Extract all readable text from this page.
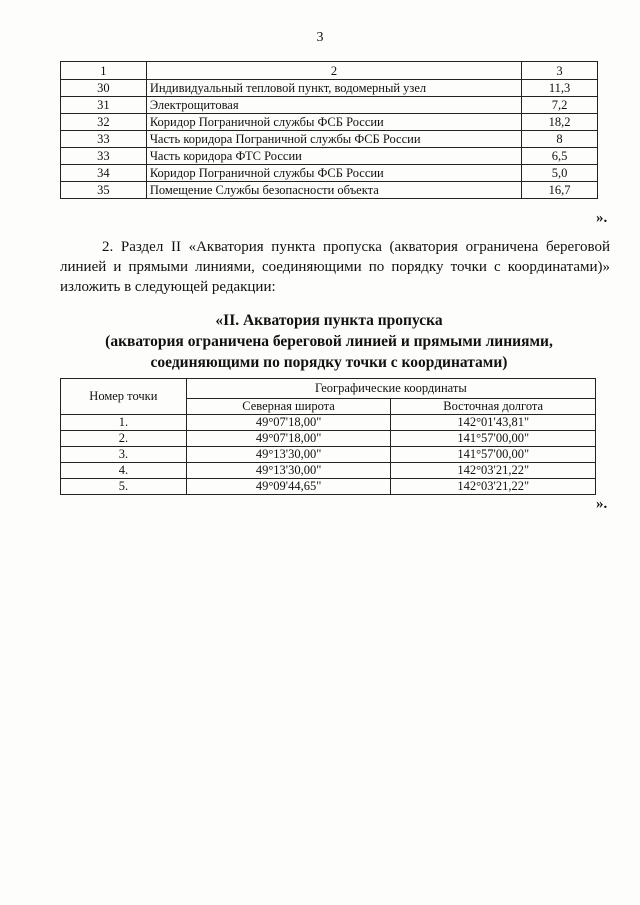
3
1	2	3
30	Индивидуальный тепловой пункт, водомерный узел	11,3
31	Электрощитовая	7,2
32	Коридор Пограничной службы ФСБ России	18,2
33	Часть коридора Пограничной службы ФСБ России	8
33	Часть коридора ФТС России	6,5
34	Коридор Пограничной службы ФСБ России	5,0
35	Помещение Службы безопасности объекта	16,7
».
2. Раздел II «Акватория пункта пропуска (акватория ограничена береговой линией и прямыми линиями, соединяющими по порядку точки с координатами)» изложить в следующей редакции:
«II. Акватория пункта пропуска
(акватория ограничена береговой линией и прямыми линиями,
соединяющими по порядку точки с координатами)
Номер точки	Географические координаты	
	Северная широта	Восточная долгота
1.	49°07'18,00"	142°01'43,81"
2.	49°07'18,00"	141°57'00,00"
3.	49°13'30,00"	141°57'00,00"
4.	49°13'30,00"	142°03'21,22"
5.	49°09'44,65"	142°03'21,22"
».
